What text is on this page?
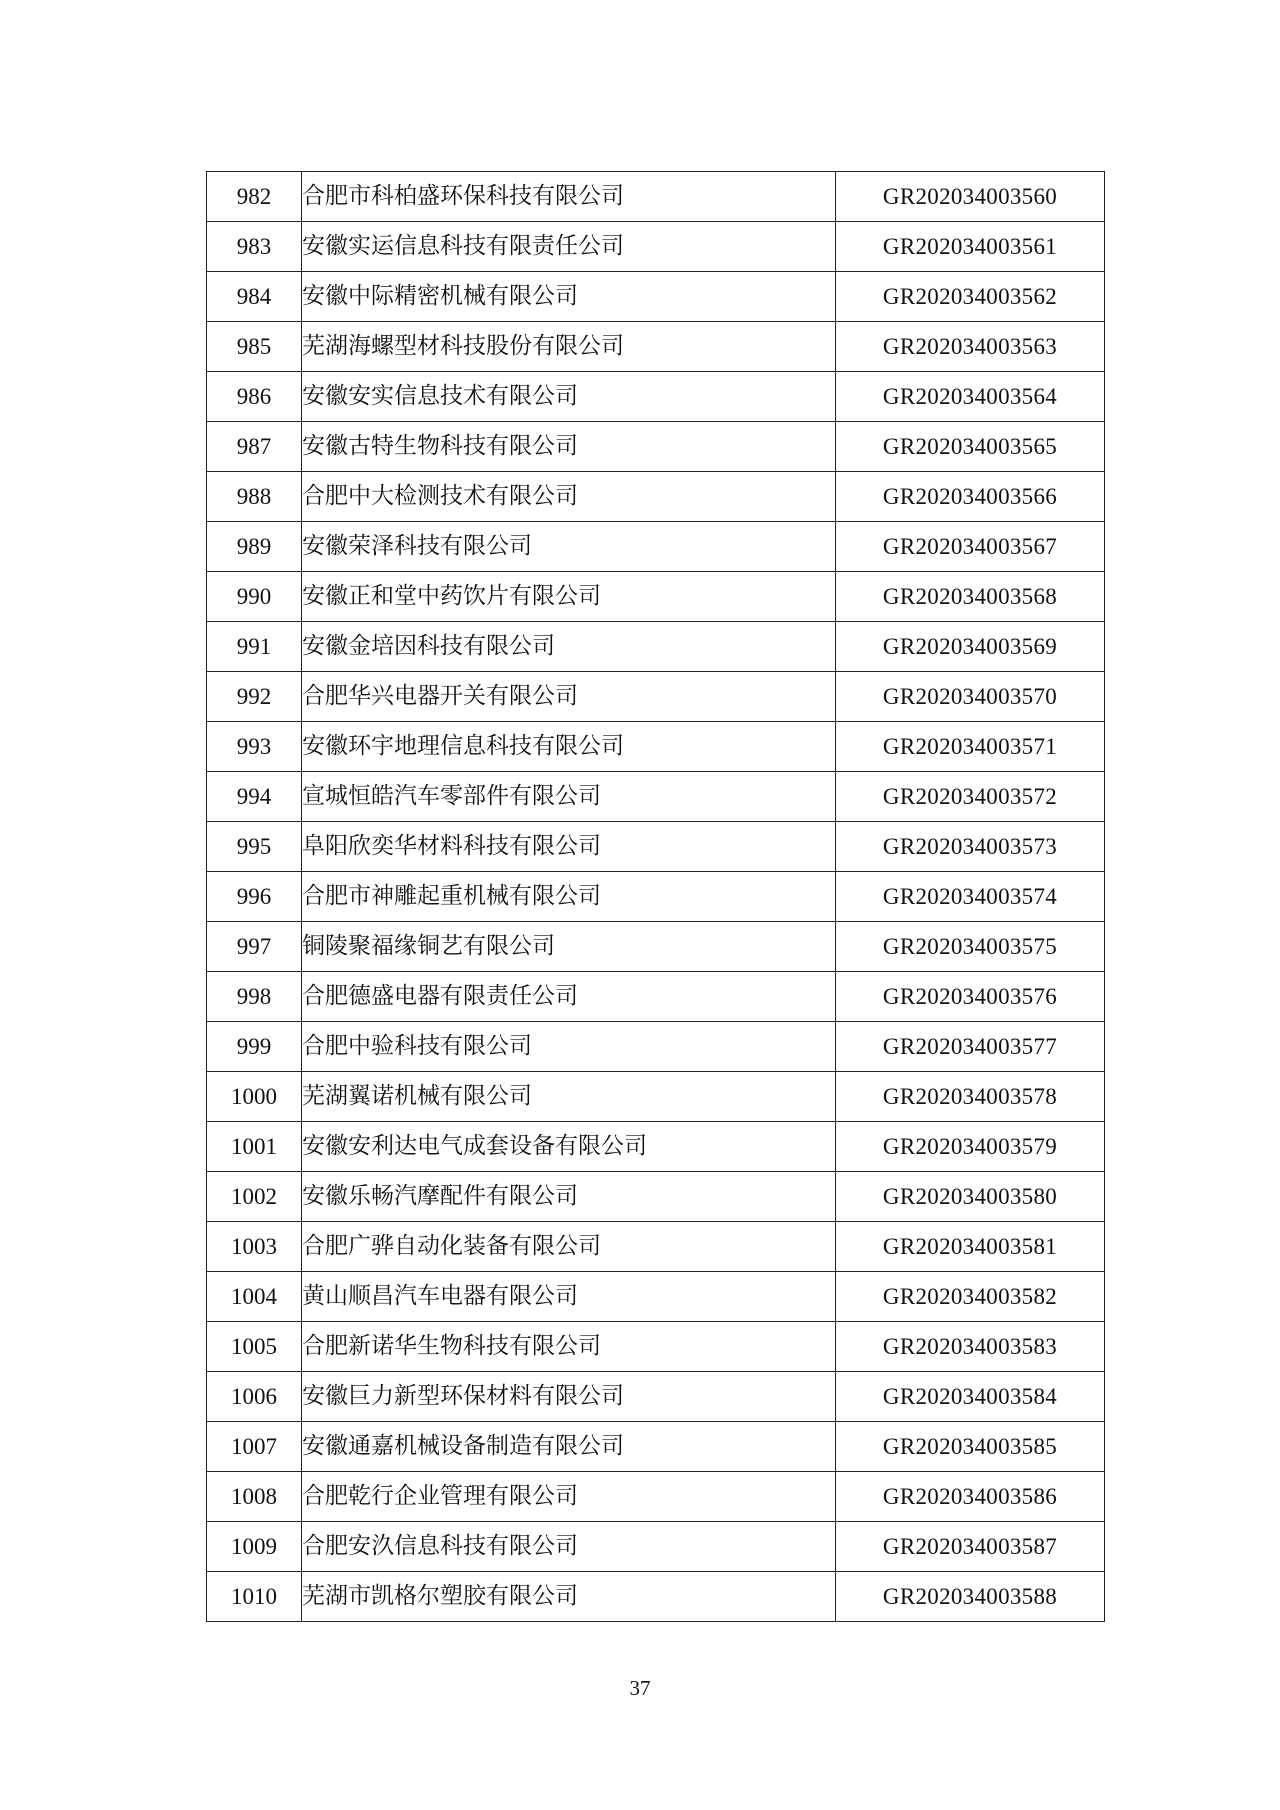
982	合肥市科柏盛环保科技有限公司	GR202034003560
983	安徽实运信息科技有限责任公司	GR202034003561
984	安徽中际精密机械有限公司	GR202034003562
985	芜湖海螺型材科技股份有限公司	GR202034003563
986	安徽安实信息技术有限公司	GR202034003564
987	安徽古特生物科技有限公司	GR202034003565
988	合肥中大检测技术有限公司	GR202034003566
989	安徽荣泽科技有限公司	GR202034003567
990	安徽正和堂中药饮片有限公司	GR202034003568
991	安徽金培因科技有限公司	GR202034003569
992	合肥华兴电器开关有限公司	GR202034003570
993	安徽环宇地理信息科技有限公司	GR202034003571
994	宣城恒皓汽车零部件有限公司	GR202034003572
995	阜阳欣奕华材料科技有限公司	GR202034003573
996	合肥市神雕起重机械有限公司	GR202034003574
997	铜陵聚福缘铜艺有限公司	GR202034003575
998	合肥德盛电器有限责任公司	GR202034003576
999	合肥中验科技有限公司	GR202034003577
1000	芜湖翼诺机械有限公司	GR202034003578
1001	安徽安利达电气成套设备有限公司	GR202034003579
1002	安徽乐畅汽摩配件有限公司	GR202034003580
1003	合肥广骅自动化装备有限公司	GR202034003581
1004	黄山顺昌汽车电器有限公司	GR202034003582
1005	合肥新诺华生物科技有限公司	GR202034003583
1006	安徽巨力新型环保材料有限公司	GR202034003584
1007	安徽通嘉机械设备制造有限公司	GR202034003585
1008	合肥乾行企业管理有限公司	GR202034003586
1009	合肥安汣信息科技有限公司	GR202034003587
1010	芜湖市凯格尔塑胶有限公司	GR202034003588
37
